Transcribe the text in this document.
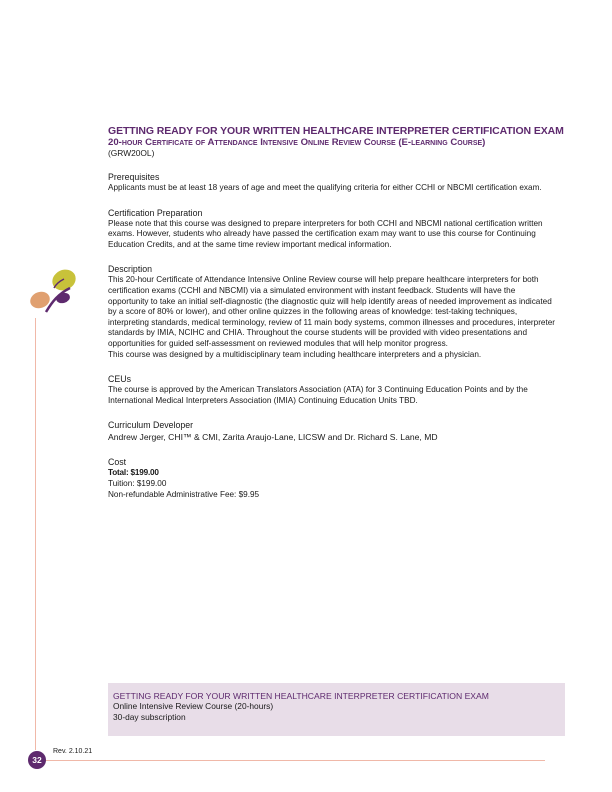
GETTING READY FOR YOUR WRITTEN HEALTHCARE INTERPRETER CERTIFICATION EXAM

20-hour Certificate of Attendance Intensive Online Review Course (E-learning Course)

(GRW20OL)

Prerequisites

Applicants must be at least 18 years of age and meet the qualifying criteria for either CCHI or NBCMI certification exam.

Certification Preparation

Please note that this course was designed to prepare interpreters for both CCHI and NBCMI national certification written exams. However, students who already have passed the certification exam may want to use this course for Continuing Education Credits, and at the same time review important medical information.

Description

This 20-hour Certificate of Attendance Intensive Online Review course will help prepare healthcare interpreters for both certification exams (CCHI and NBCMI) via a simulated environment with instant feedback. Students will have the opportunity to take an initial self-diagnostic (the diagnostic quiz will help identify areas of needed improvement as indicated by a score of 80% or lower), and other online quizzes in the following areas of knowledge: test-taking techniques, interpreting standards, medical terminology, review of 11 main body systems, common illnesses and procedures, interpreter standards by IMIA, NCIHC and CHIA. Throughout the course students will be provided with video presentations and opportunities for guided self-assessment on reviewed modules that will help monitor progress.

This course was designed by a multidisciplinary team including healthcare interpreters and a physician.

CEUs

The course is approved by the American Translators Association (ATA) for 3 Continuing Education Points and by the International Medical Interpreters Association (IMIA) Continuing Education Units TBD.

Curriculum Developer

Andrew Jerger, CHI™ & CMI, Zarita Araujo-Lane, LICSW and Dr. Richard S. Lane, MD

Cost

Total: $199.00

Tuition: $199.00

Non-refundable Administrative Fee: $9.95

GETTING READY FOR YOUR WRITTEN HEALTHCARE INTERPRETER CERTIFICATION EXAM

Online Intensive Review Course (20-hours)

30-day subscription

32
Rev. 2.10.21
